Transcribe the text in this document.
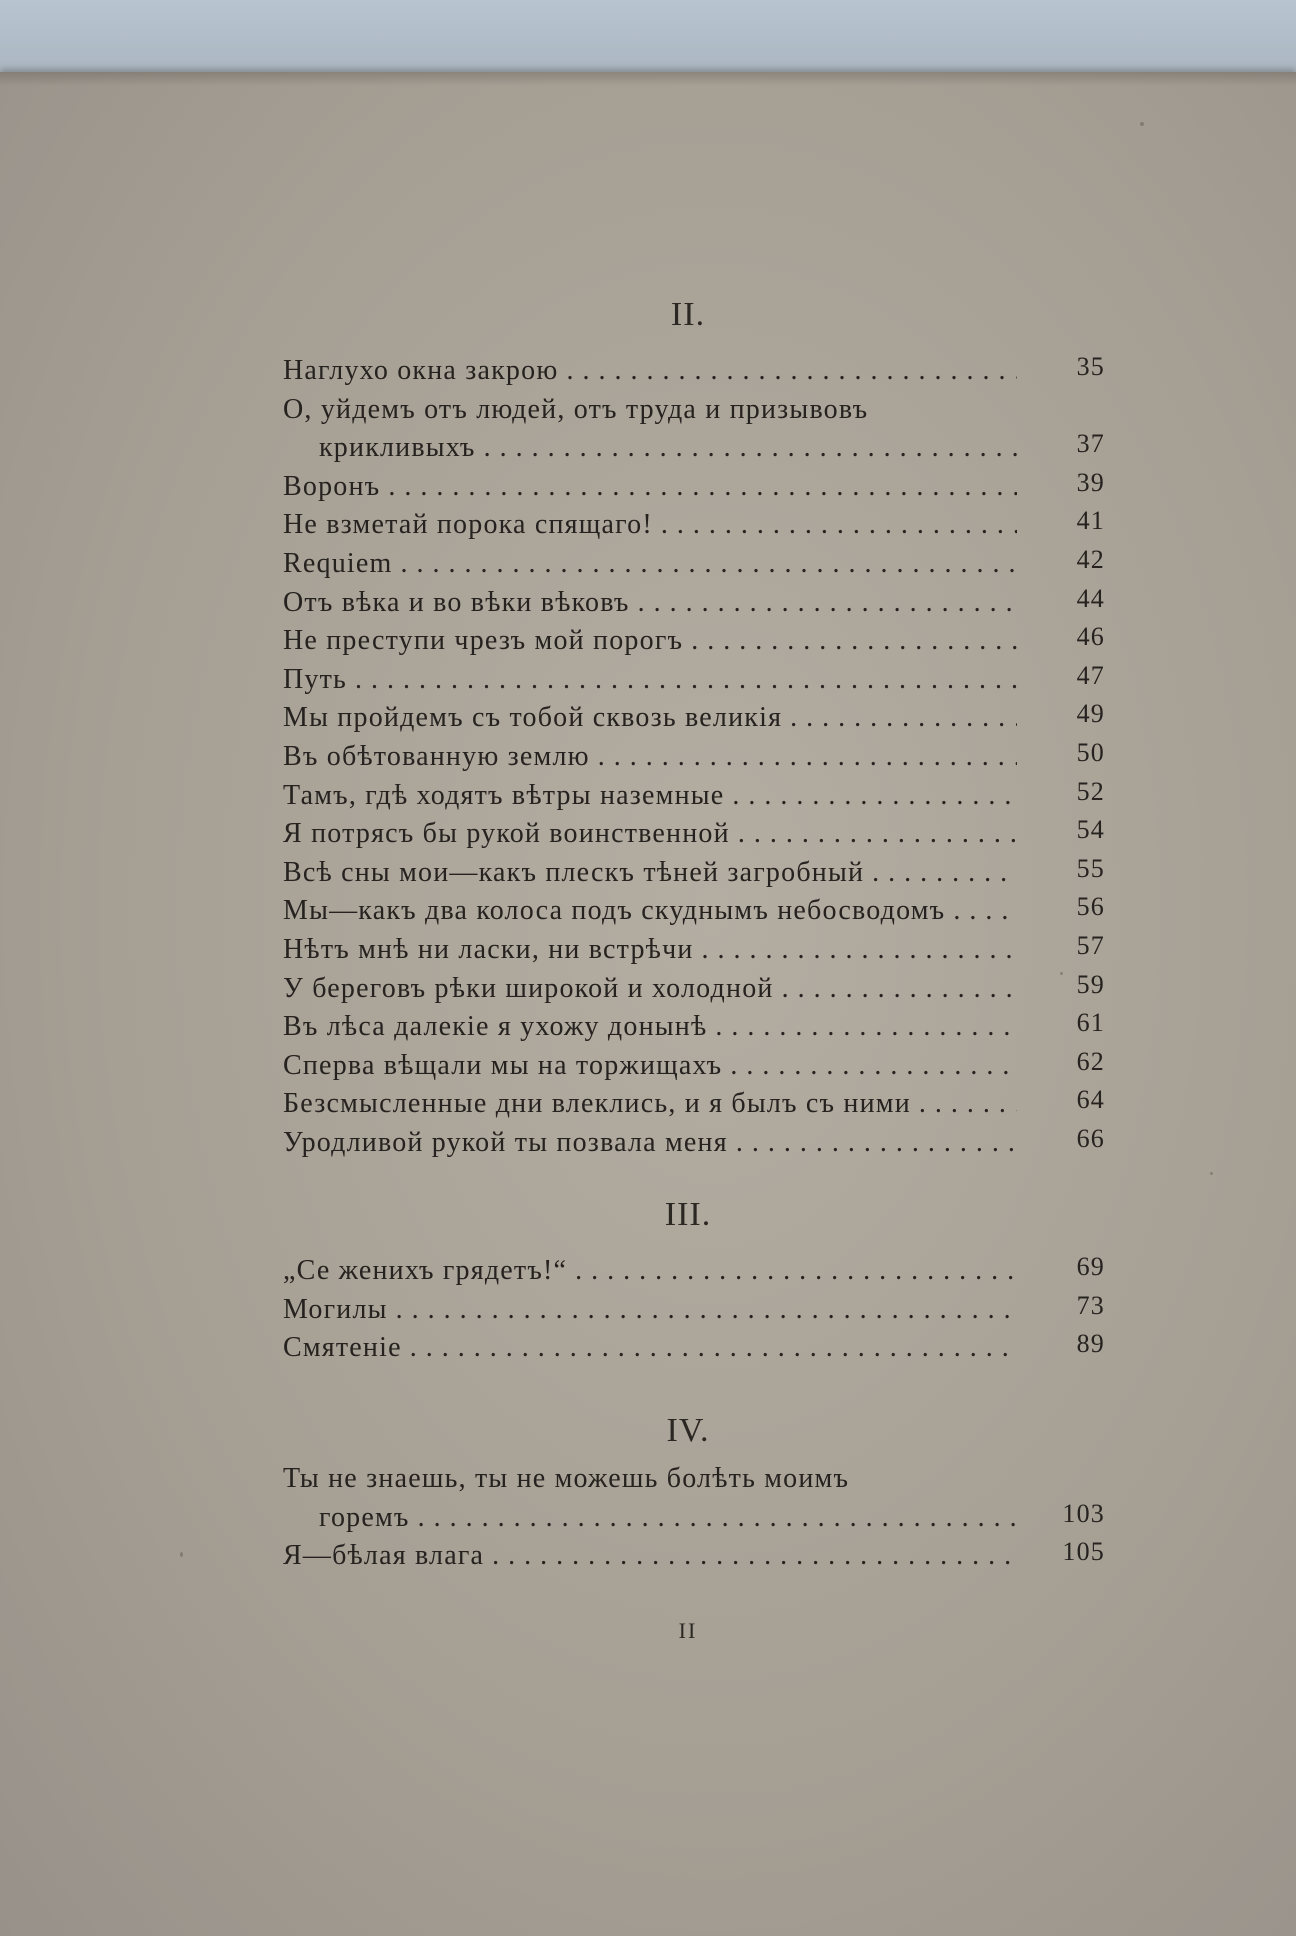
II.
Наглухо окна закрою . . .	35
О, уйдемъ отъ людей, отъ труда и призывовъ
крикливыхъ . . .	37
Воронъ . . .	39
Не взметай порока спящаго! . . .	41
Requiem . . .	42
Отъ вѣка и во вѣки вѣковъ . . .	44
Не преступи чрезъ мой порогъ . . .	46
Путь . . .	47
Мы пройдемъ съ тобой сквозь великія . . .	49
Въ обѣтованную землю . . .	50
Тамъ, гдѣ ходятъ вѣтры наземные . . .	52
Я потрясъ бы рукой воинственной . . .	54
Всѣ сны мои—какъ плескъ тѣней загробный . . .	55
Мы—какъ два колоса подъ скуднымъ небосводомъ . . .	56
Нѣтъ мнѣ ни ласки, ни встрѣчи . . .	57
У береговъ рѣки широкой и холодной . . .	59
Въ лѣса далекіе я ухожу донынѣ . . .	61
Сперва вѣщали мы на торжищахъ . . .	62
Безсмысленные дни влеклись, и я былъ съ ними . . .	64
Уродливой рукой ты позвала меня . . .	66
III.
„Се женихъ грядетъ!“ . . .	69
Могилы . . .	73
Смятеніе . . .	89
IV.
Ты не знаешь, ты не можешь болѣть моимъ
горемъ . . .	103
Я—бѣлая влага . . .	105
II
